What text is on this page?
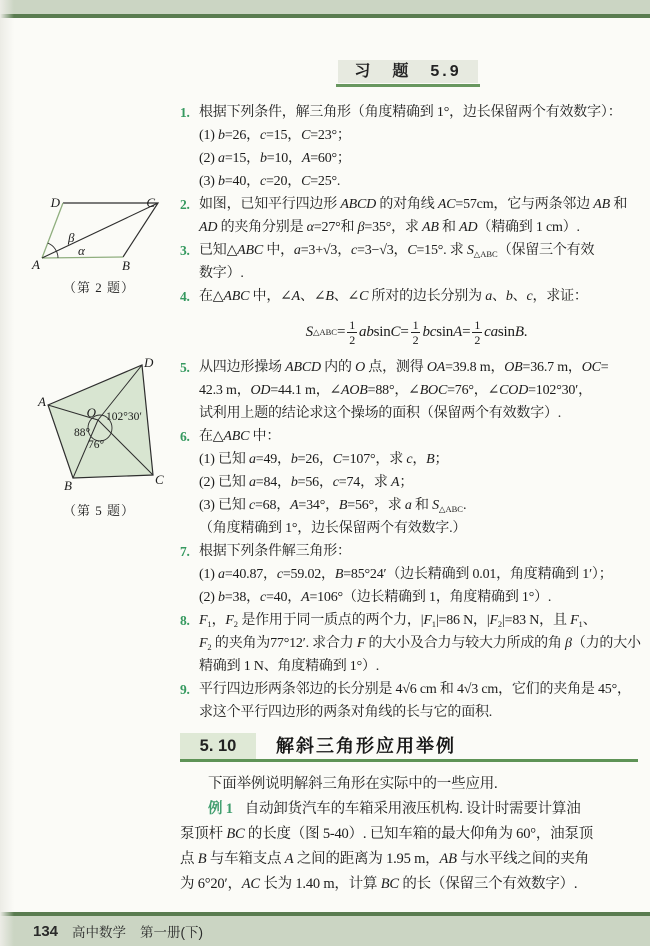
习　题　5.9
D	C
A	B
β
α
（第 2 题）
A
D
B	C
O 102°30′
88°
76°
（第 5 题）
1. 根据下列条件，解三角形（角度精确到 1°，边长保留两个有效数字）：
(1) b=26，c=15，C=23°；
(2) a=15，b=10，A=60°；
(3) b=40，c=20，C=25°.
2. 如图，已知平行四边形 ABCD 的对角线 AC=57cm，它与两条邻边 AB 和
AD 的夹角分别是 α=27°和 β=35°，求 AB 和 AD（精确到 1 cm）.
3. 已知△ABC 中，a=3+√3，c=3−√3，C=15°. 求 $S_{\triangle ABC}$（保留三个有效
数字）.
4. 在△ABC 中，∠A、∠B、∠C 所对的边长分别为 a、b、c，求证：
S △ABC = $\frac{1}{2}$ ab $\sin C = \frac{1}{2}$ bc $\sin A = \frac{1}{2}$ ca sin B .
5. 从四边形操场 ABCD 内的 O 点，测得 OA=39.8 m，OB=36.7 m，OC=
42.3 m，OD=44.1 m，∠AOB=88°，∠BOC=76°，∠COD=102°30′，
试利用上题的结论求这个操场的面积（保留两个有效数字）.
6. 在△ABC 中：
(1) 已知 a=49，b=26，C=107°，求 c，B；
(2) 已知 a=84，b=56，c=74，求 A；
(3) 已知 c=68，A=34°，B=56°，求 a 和 $S_{\triangle ABC}$.
（角度精确到 1°，边长保留两个有效数字.）
7. 根据下列条件解三角形：
(1) a=40.87，c=59.02，B=85°24′（边长精确到 0.01，角度精确到 1′）；
(2) b=38，c=40，A=106°（边长精确到 1，角度精确到 1°）.
8. $F_1$，$F_2$ 是作用于同一质点的两个力，$|F_1|=86$ N，$|F_2|=83$ N，且 $F_1$、
$F_2$ 的夹角为77°12′. 求合力 F 的大小及合力与较大力所成的角 β（力的大小
精确到 1 N、角度精确到 1°）.
9. 平行四边形两条邻边的长分别是 4√6 cm 和 4√3 cm，它们的夹角是 45°，
求这个平行四边形的两条对角线的长与它的面积.
5. 10	解斜三角形应用举例
下面举例说明解斜三角形在实际中的一些应用.
例 1 自动卸货汽车的车箱采用液压机构. 设计时需要计算油
泵顶杆 BC 的长度（图 5-40）. 已知车箱的最大仰角为 60°，油泵顶
点 B 与车箱支点 A 之间的距离为 1.95 m，AB 与水平线之间的夹角
为 6°20′，AC 长为 1.40 m，计算 BC 的长（保留三个有效数字）.
134 高中数学 第一册(下)
